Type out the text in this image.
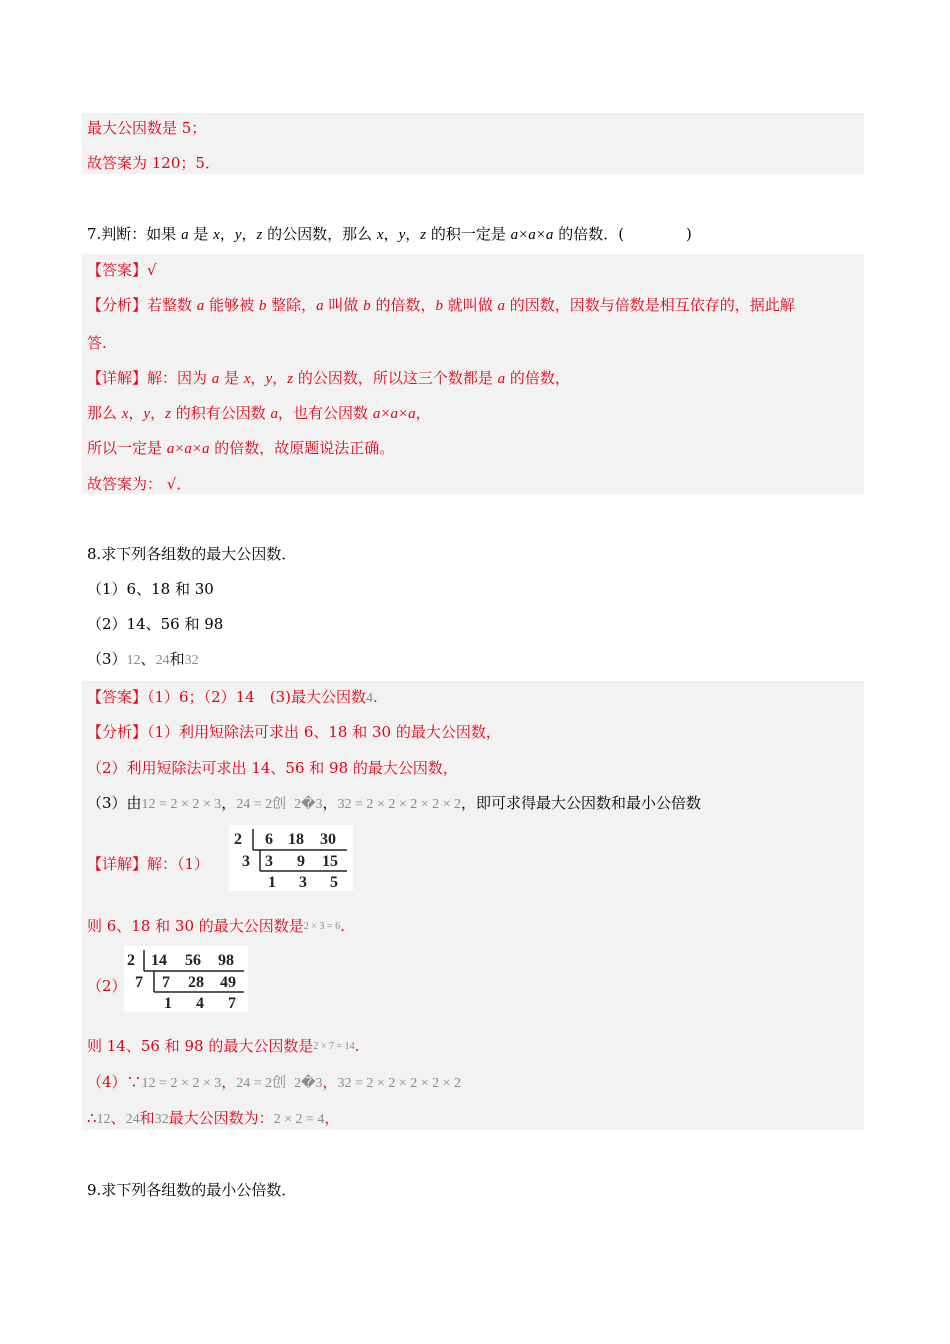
最大公因数是 5；
故答案为 120；5．
7.判断：如果 a 是 x，y，z 的公因数，那么 x，y，z 的积一定是 a×a×a 的倍数．(	)
【答案】√
【分析】若整数 a 能够被 b 整除，a 叫做 b 的倍数，b 就叫做 a 的因数，因数与倍数是相互依存的，据此解
答.
【详解】解：因为 a 是 x，y，z 的公因数，所以这三个数都是 a 的倍数，
那么 x，y，z 的积有公因数 a，也有公因数 a×a×a，
所以一定是 a×a×a 的倍数，故原题说法正确。
故答案为： √．
8.求下列各组数的最大公因数．
（1）6、18 和 30
（2）14、56 和 98
（3）12、24和32
【答案】（1）6；（2）14　(3)最大公因数4.
【分析】（1）利用短除法可求出 6、18 和 30 的最大公因数，
（2）利用短除法可求出 14、56 和 98 的最大公因数，
（3）由12 = 2 × 2 × 3，24 = 2创 2�3，32 = 2 × 2 × 2 × 2 × 2，即可求得最大公因数和最小公倍数
【详解】解：（1）
2
3
6 18 30
3 9 15
1 3 5
则 6、18 和 30 的最大公因数是2 × 3 = 6.
（2）
2
7
14 56 98
7 28 49
1 4 7
则 14、56 和 98 的最大公因数是2 × 7 = 14.
（4）∵12 = 2 × 2 × 3，24 = 2创 2�3，32 = 2 × 2 × 2 × 2 × 2
∴12、24和32最大公因数为：2 × 2 = 4，
9.求下列各组数的最小公倍数．
